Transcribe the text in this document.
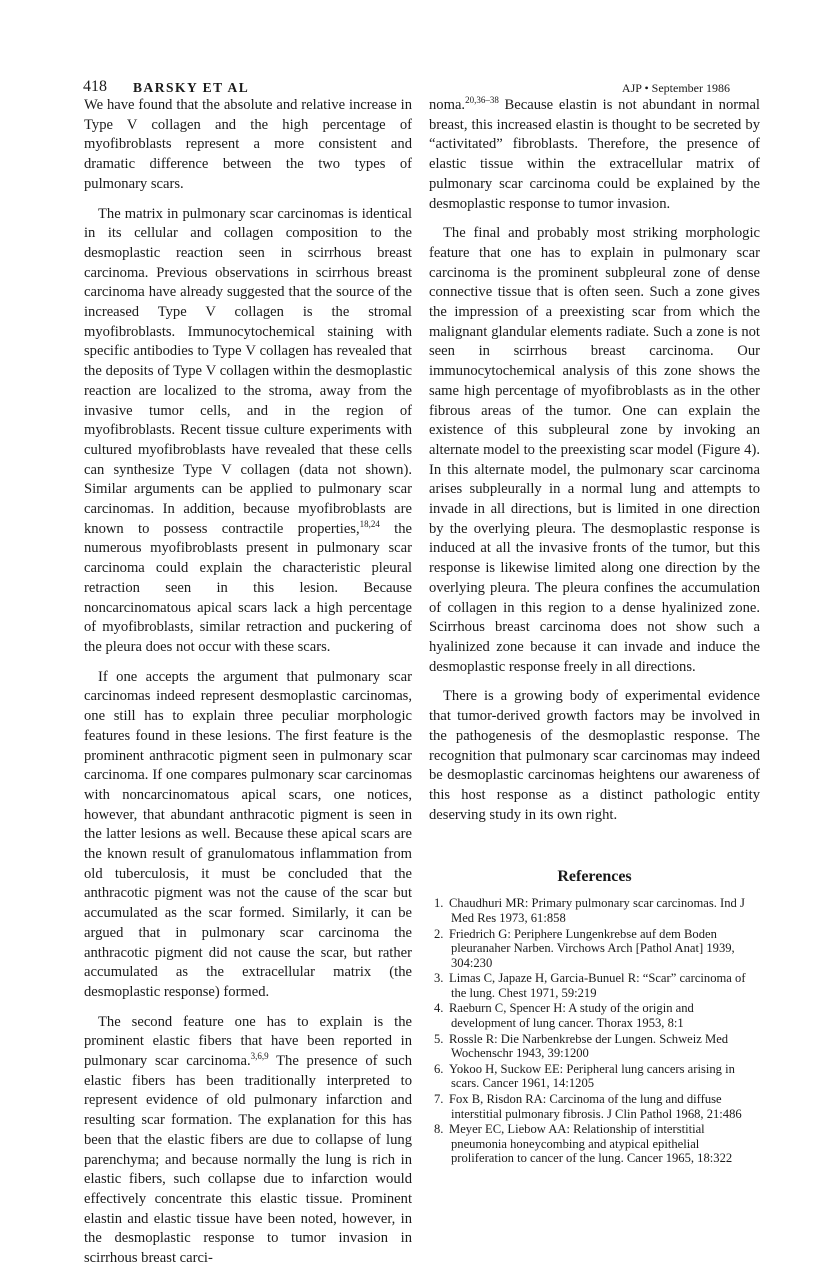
418 BARSKY ET AL	AJP • September 1986

We have found that the absolute and relative increase in Type V collagen and the high percentage of myofibroblasts represent a more consistent and dramatic difference between the two types of pulmonary scars.

The matrix in pulmonary scar carcinomas is identical in its cellular and collagen composition to the desmoplastic reaction seen in scirrhous breast carcinoma. Previous observations in scirrhous breast carcinoma have already suggested that the source of the increased Type V collagen is the stromal myofibroblasts. Immunocytochemical staining with specific antibodies to Type V collagen has revealed that the deposits of Type V collagen within the desmoplastic reaction are localized to the stroma, away from the invasive tumor cells, and in the region of myofibroblasts. Recent tissue culture experiments with cultured myofibroblasts have revealed that these cells can synthesize Type V collagen (data not shown). Similar arguments can be applied to pulmonary scar carcinomas. In addition, because myofibroblasts are known to possess contractile properties,$^{18,24}$ the numerous myofibroblasts present in pulmonary scar carcinoma could explain the characteristic pleural retraction seen in this lesion. Because noncarcinomatous apical scars lack a high percentage of myofibroblasts, similar retraction and puckering of the pleura does not occur with these scars.

If one accepts the argument that pulmonary scar carcinomas indeed represent desmoplastic carcinomas, one still has to explain three peculiar morphologic features found in these lesions. The first feature is the prominent anthracotic pigment seen in pulmonary scar carcinoma. If one compares pulmonary scar carcinomas with noncarcinomatous apical scars, one notices, however, that abundant anthracotic pigment is seen in the latter lesions as well. Because these apical scars are the known result of granulomatous inflammation from old tuberculosis, it must be concluded that the anthracotic pigment was not the cause of the scar but accumulated as the scar formed. Similarly, it can be argued that in pulmonary scar carcinoma the anthracotic pigment did not cause the scar, but rather accumulated as the extracellular matrix (the desmoplastic response) formed.

The second feature one has to explain is the prominent elastic fibers that have been reported in pulmonary scar carcinoma.$^{3,6,9}$ The presence of such elastic fibers has been traditionally interpreted to represent evidence of old pulmonary infarction and resulting scar formation. The explanation for this has been that the elastic fibers are due to collapse of lung parenchyma; and because normally the lung is rich in elastic fibers, such collapse due to infarction would effectively concentrate this elastic tissue. Prominent elastin and elastic tissue have been noted, however, in the desmoplastic response to tumor invasion in scirrhous breast carci-

noma.$^{20,36-38}$ Because elastin is not abundant in normal breast, this increased elastin is thought to be secreted by “activitated” fibroblasts. Therefore, the presence of elastic tissue within the extracellular matrix of pulmonary scar carcinoma could be explained by the desmoplastic response to tumor invasion.

The final and probably most striking morphologic feature that one has to explain in pulmonary scar carcinoma is the prominent subpleural zone of dense connective tissue that is often seen. Such a zone gives the impression of a preexisting scar from which the malignant glandular elements radiate. Such a zone is not seen in scirrhous breast carcinoma. Our immunocytochemical analysis of this zone shows the same high percentage of myofibroblasts as in the other fibrous areas of the tumor. One can explain the existence of this subpleural zone by invoking an alternate model to the preexisting scar model (Figure 4). In this alternate model, the pulmonary scar carcinoma arises subpleurally in a normal lung and attempts to invade in all directions, but is limited in one direction by the overlying pleura. The desmoplastic response is induced at all the invasive fronts of the tumor, but this response is likewise limited along one direction by the overlying pleura. The pleura confines the accumulation of collagen in this region to a dense hyalinized zone. Scirrhous breast carcinoma does not show such a hyalinized zone because it can invade and induce the desmoplastic response freely in all directions.

There is a growing body of experimental evidence that tumor-derived growth factors may be involved in the pathogenesis of the desmoplastic response. The recognition that pulmonary scar carcinomas may indeed be desmoplastic carcinomas heightens our awareness of this host response as a distinct pathologic entity deserving study in its own right.

References
1. Chaudhuri MR: Primary pulmonary scar carcinomas. Ind J Med Res 1973, 61:858
2. Friedrich G: Periphere Lungenkrebse auf dem Boden pleuranaher Narben. Virchows Arch [Pathol Anat] 1939, 304:230
3. Limas C, Japaze H, Garcia-Bunuel R: “Scar” carcinoma of the lung. Chest 1971, 59:219
4. Raeburn C, Spencer H: A study of the origin and development of lung cancer. Thorax 1953, 8:1
5. Rossle R: Die Narbenkrebse der Lungen. Schweiz Med Wochenschr 1943, 39:1200
6. Yokoo H, Suckow EE: Peripheral lung cancers arising in scars. Cancer 1961, 14:1205
7. Fox B, Risdon RA: Carcinoma of the lung and diffuse interstitial pulmonary fibrosis. J Clin Pathol 1968, 21:486
8. Meyer EC, Liebow AA: Relationship of interstitial pneumonia honeycombing and atypical epithelial proliferation to cancer of the lung. Cancer 1965, 18:322
